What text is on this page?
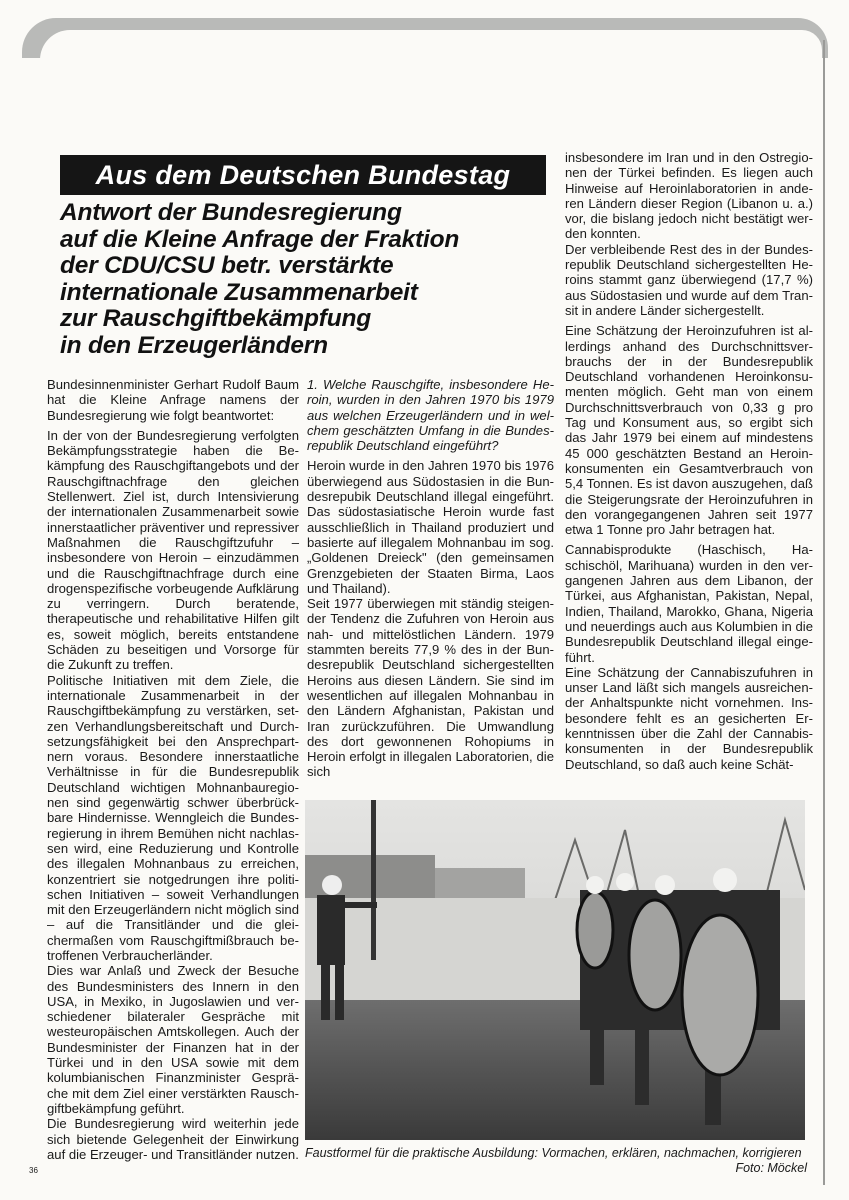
Aus dem Deutschen Bundestag
Antwort der Bundesregierung
auf die Kleine Anfrage der Fraktion
der CDU/CSU betr. verstärkte
internationale Zusammenarbeit
zur Rauschgiftbekämpfung
in den Erzeugerländern

Bundesinnenminister Gerhart Rudolf Baum hat die Kleine Anfrage namens der Bundesregierung wie folgt beantwortet:

In der von der Bundesregierung verfolgten Bekämpfungsstrategie haben die Bekämpfung des Rauschgiftangebots und der Rauschgiftnachfrage den gleichen Stellenwert. Ziel ist, durch Intensivierung der internationalen Zusammenarbeit sowie innerstaatlicher präventiver und repressiver Maßnahmen die Rauschgiftzufuhr – insbesondere von Heroin – einzudämmen und die Rauschgiftnachfrage durch eine drogenspezifische vorbeugende Aufklärung zu verringern. Durch beratende, therapeutische und rehabilitative Hilfen gilt es, soweit möglich, bereits entstandene Schäden zu beseitigen und Vorsorge für die Zukunft zu treffen.

Politische Initiativen mit dem Ziele, die internationale Zusammenarbeit in der Rauschgiftbekämpfung zu verstärken, setzen Verhandlungsbereitschaft und Durchsetzungsfähigkeit bei den Ansprechpartnern voraus. Besondere innerstaatliche Verhältnisse in für die Bundesrepublik Deutschland wichtigen Mohnanbauregionen sind gegenwärtig schwer überbrückbare Hindernisse. Wenngleich die Bundesregierung in ihrem Bemühen nicht nachlassen wird, eine Reduzierung und Kontrolle des illegalen Mohnanbaus zu erreichen, konzentriert sie notgedrungen ihre politischen Initiativen – soweit Verhandlungen mit den Erzeugerländern nicht möglich sind – auf die Transitländer und die gleichermaßen vom Rauschgiftmißbrauch betroffenen Verbraucherländer.

Dies war Anlaß und Zweck der Besuche des Bundesministers des Innern in den USA, in Mexiko, in Jugoslawien und verschiedener bilateraler Gespräche mit westeuropäischen Amtskollegen. Auch der Bundesminister der Finanzen hat in der Türkei und in den USA sowie mit dem kolumbianischen Finanzminister Gespräche mit dem Ziel einer verstärkten Rauschgiftbekämpfung geführt.

Die Bundesregierung wird weiterhin jede sich bietende Gelegenheit der Einwirkung auf die Erzeuger- und Transitländer nutzen.

1. Welche Rauschgifte, insbesondere Heroin, wurden in den Jahren 1970 bis 1979 aus welchen Erzeugerländern und in welchem geschätzten Umfang in die Bundesrepublik Deutschland eingeführt?

Heroin wurde in den Jahren 1970 bis 1976 überwiegend aus Südostasien in die Bundesrepubik Deutschland illegal eingeführt. Das südostasiatische Heroin wurde fast ausschließlich in Thailand produziert und basierte auf illegalem Mohnanbau im sog. „Goldenen Dreieck" (den gemeinsamen Grenzgebieten der Staaten Birma, Laos und Thailand).

Seit 1977 überwiegen mit ständig steigender Tendenz die Zufuhren von Heroin aus nah- und mittelöstlichen Ländern. 1979 stammten bereits 77,9 % des in der Bundesrepublik Deutschland sichergestellten Heroins aus diesen Ländern. Sie sind im wesentlichen auf illegalen Mohnanbau in den Ländern Afghanistan, Pakistan und Iran zurückzuführen. Die Umwandlung des dort gewonnenen Rohopiums in Heroin erfolgt in illegalen Laboratorien, die sich

insbesondere im Iran und in den Ostregionen der Türkei befinden. Es liegen auch Hinweise auf Heroinlaboratorien in anderen Ländern dieser Region (Libanon u. a.) vor, die bislang jedoch nicht bestätigt werden konnten.

Der verbleibende Rest des in der Bundesrepublik Deutschland sichergestellten Heroins stammt ganz überwiegend (17,7 %) aus Südostasien und wurde auf dem Transit in andere Länder sichergestellt.

Eine Schätzung der Heroinzufuhren ist allerdings anhand des Durchschnittsverbrauchs der in der Bundesrepublik Deutschland vorhandenen Heroinkonsumenten möglich. Geht man von einem Durchschnittsverbrauch von 0,33 g pro Tag und Konsument aus, so ergibt sich das Jahr 1979 bei einem auf mindestens 45 000 geschätzten Bestand an Heroinkonsumenten ein Gesamtverbrauch von 5,4 Tonnen. Es ist davon auszugehen, daß die Steigerungsrate der Heroinzufuhren in den vorangegangenen Jahren seit 1977 etwa 1 Tonne pro Jahr betragen hat.

Cannabisprodukte (Haschisch, Haschischöl, Marihuana) wurden in den vergangenen Jahren aus dem Libanon, der Türkei, aus Afghanistan, Pakistan, Nepal, Indien, Thailand, Marokko, Ghana, Nigeria und neuerdings auch aus Kolumbien in die Bundesrepublik Deutschland illegal eingeführt.

Eine Schätzung der Cannabiszufuhren in unser Land läßt sich mangels ausreichender Anhaltspunkte nicht vornehmen. Insbesondere fehlt es an gesicherten Erkenntnissen über die Zahl der Cannabiskonsumenten in der Bundesrepublik Deutschland, so daß auch keine Schät-

Faustformel für die praktische Ausbildung: Vormachen, erklären, nachmachen, korrigieren
Foto: Möckel
36
